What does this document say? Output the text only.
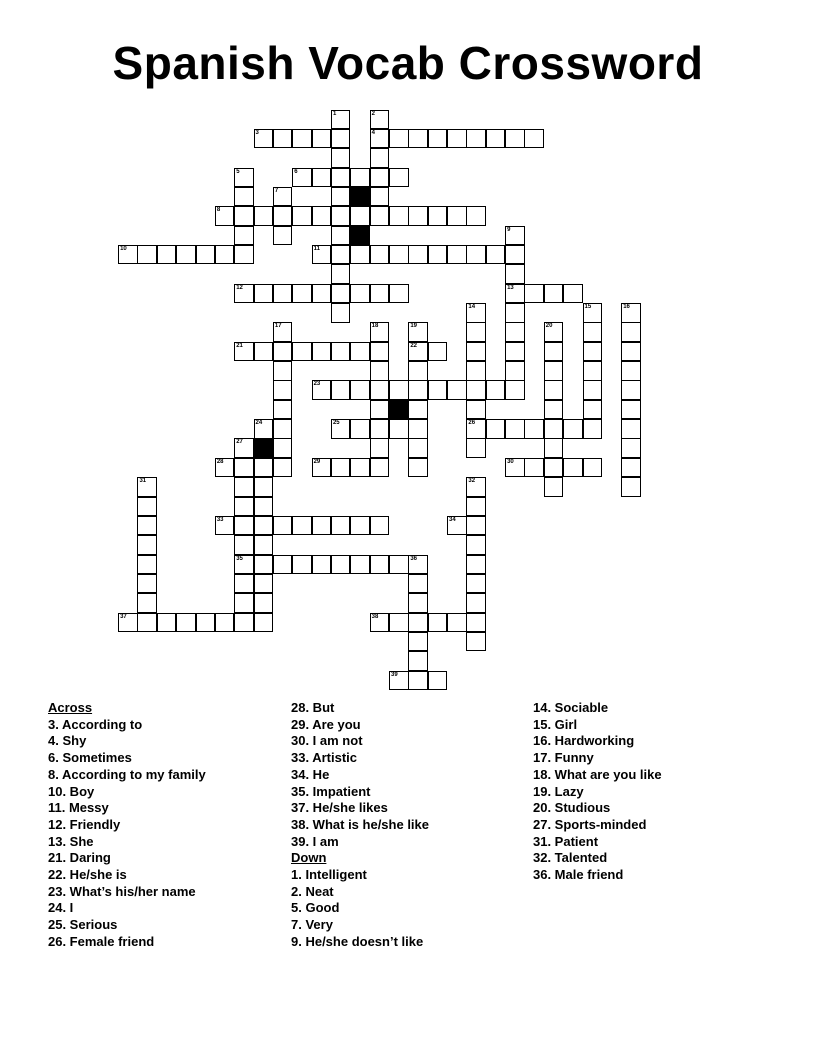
Spanish Vocab Crossword
1	2
4
3
5	6
7
8
9
13
10	11
12
14
26
15	16
17	18	19
22
20
21
23
24	25
27
35
28	29	30
31	32
33	34
36
37	38
39
Across
3. According to
4. Shy
6. Sometimes
8. According to my family
10. Boy
11. Messy
12. Friendly
13. She
21. Daring
22. He/she is
23. What’s his/her name
24. I
25. Serious
26. Female friend
28. But
29. Are you
30. I am not
33. Artistic
34. He
35. Impatient
37. He/she likes
38. What is he/she like
39. I am
Down
1. Intelligent
2. Neat
5. Good
7. Very
9. He/she doesn’t like
14. Sociable
15. Girl
16. Hardworking
17. Funny
18. What are you like
19. Lazy
20. Studious
27. Sports-minded
31. Patient
32. Talented
36. Male friend
